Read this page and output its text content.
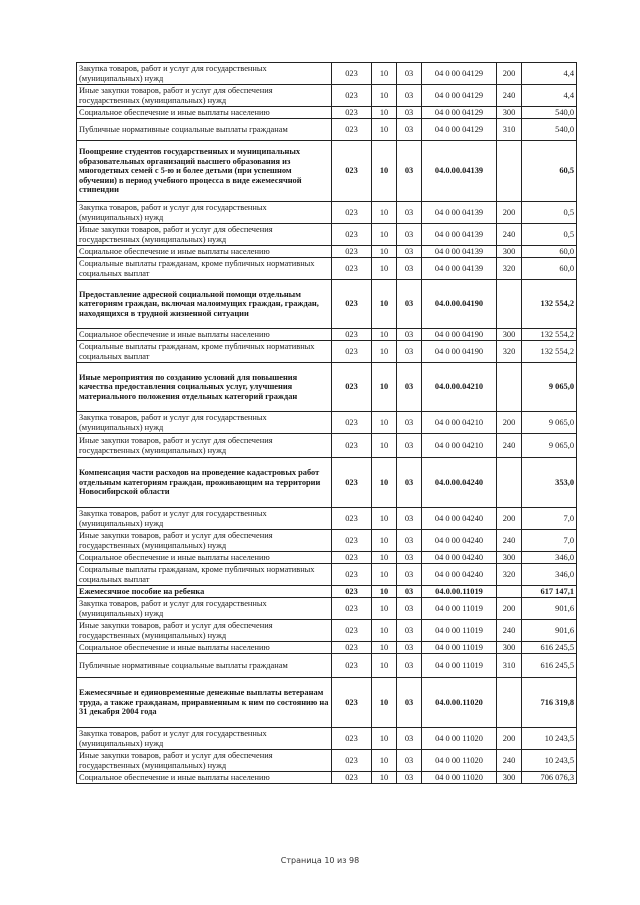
Закупка товаров, работ и услуг для государственных (муниципальных) нужд	023	10	03	04 0 00 04129	200	4,4
Иные закупки товаров, работ и услуг для обеспечения государственных (муниципальных) нужд	023	10	03	04 0 00 04129	240	4,4
Социальное обеспечение и иные выплаты населению	023	10	03	04 0 00 04129	300	540,0
Публичные нормативные социальные выплаты гражданам	023	10	03	04 0 00 04129	310	540,0
Поощрение студентов государственных и муниципальных образовательных организаций высшего образования из многодетных семей с 5-ю и более детьми (при успешном обучении) в период учебного процесса в виде ежемесячной стипендии	023	10	03	04.0.00.04139		60,5
Закупка товаров, работ и услуг для государственных (муниципальных) нужд	023	10	03	04 0 00 04139	200	0,5
Иные закупки товаров, работ и услуг для обеспечения государственных (муниципальных) нужд	023	10	03	04 0 00 04139	240	0,5
Социальное обеспечение и иные выплаты населению	023	10	03	04 0 00 04139	300	60,0
Социальные выплаты гражданам, кроме публичных нормативных социальных выплат	023	10	03	04 0 00 04139	320	60,0
Предоставление адресной социальной помощи отдельным категориям граждан, включая малоимущих граждан, граждан, находящихся в трудной жизненной ситуации	023	10	03	04.0.00.04190		132 554,2
Социальное обеспечение и иные выплаты населению	023	10	03	04 0 00 04190	300	132 554,2
Социальные выплаты гражданам, кроме публичных нормативных социальных выплат	023	10	03	04 0 00 04190	320	132 554,2
Иные мероприятия по созданию условий для повышения качества предоставления социальных услуг, улучшения материального положения отдельных категорий граждан	023	10	03	04.0.00.04210		9 065,0
Закупка товаров, работ и услуг для государственных (муниципальных) нужд	023	10	03	04 0 00 04210	200	9 065,0
Иные закупки товаров, работ и услуг для обеспечения государственных (муниципальных) нужд	023	10	03	04 0 00 04210	240	9 065,0
Компенсация части расходов на проведение кадастровых работ отдельным категориям граждан, проживающим на территории Новосибирской области	023	10	03	04.0.00.04240		353,0
Закупка товаров, работ и услуг для государственных (муниципальных) нужд	023	10	03	04 0 00 04240	200	7,0
Иные закупки товаров, работ и услуг для обеспечения государственных (муниципальных) нужд	023	10	03	04 0 00 04240	240	7,0
Социальное обеспечение и иные выплаты населению	023	10	03	04 0 00 04240	300	346,0
Социальные выплаты гражданам, кроме публичных нормативных социальных выплат	023	10	03	04 0 00 04240	320	346,0
Ежемесячное пособие на ребенка	023	10	03	04.0.00.11019		617 147,1
Закупка товаров, работ и услуг для государственных (муниципальных) нужд	023	10	03	04 0 00 11019	200	901,6
Иные закупки товаров, работ и услуг для обеспечения государственных (муниципальных) нужд	023	10	03	04 0 00 11019	240	901,6
Социальное обеспечение и иные выплаты населению	023	10	03	04 0 00 11019	300	616 245,5
Публичные нормативные социальные выплаты гражданам	023	10	03	04 0 00 11019	310	616 245,5
Ежемесячные и единовременные денежные выплаты ветеранам труда, а также гражданам, приравненным к ним по состоянию на 31 декабря 2004 года	023	10	03	04.0.00.11020		716 319,8
Закупка товаров, работ и услуг для государственных (муниципальных) нужд	023	10	03	04 0 00 11020	200	10 243,5
Иные закупки товаров, работ и услуг для обеспечения государственных (муниципальных) нужд	023	10	03	04 0 00 11020	240	10 243,5
Социальное обеспечение и иные выплаты населению	023	10	03	04 0 00 11020	300	706 076,3
Страница 10 из 98
